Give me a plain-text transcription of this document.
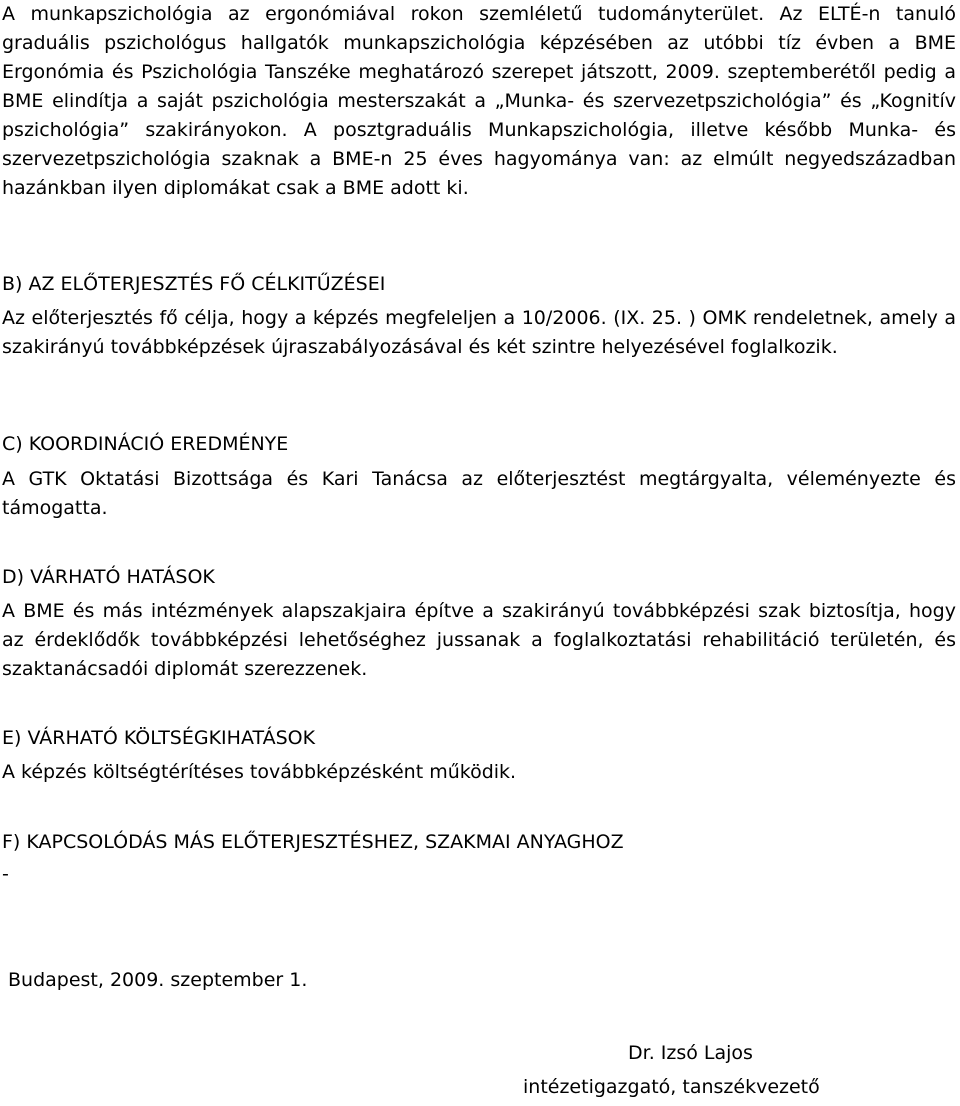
A munkapszichológia az ergonómiával rokon szemléletű tudományterület. Az ELTÉ-n tanuló graduális pszichológus hallgatók munkapszichológia képzésében az utóbbi tíz évben a BME Ergonómia és Pszichológia Tanszéke meghatározó szerepet játszott, 2009. szeptemberétől pedig a BME elindítja a saját pszichológia mesterszakát a „Munka- és szervezetpszichológia” és „Kognitív pszichológia” szakirányokon. A posztgraduális Munkapszichológia, illetve később Munka- és szervezetpszichológia szaknak a BME-n 25 éves hagyománya van: az elmúlt negyedszázadban hazánkban ilyen diplomákat csak a BME adott ki.

B) AZ ELŐTERJESZTÉS FŐ CÉLKITŰZÉSEI

Az előterjesztés fő célja, hogy a képzés megfeleljen a 10/2006. (IX. 25. ) OMK rendeletnek, amely a szakirányú továbbképzések újraszabályozásával és két szintre helyezésével foglalkozik.

C) KOORDINÁCIÓ EREDMÉNYE

A GTK Oktatási Bizottsága és Kari Tanácsa az előterjesztést megtárgyalta, véleményezte és támogatta.

D) VÁRHATÓ HATÁSOK

A BME és más intézmények alapszakjaira építve a szakirányú továbbképzési szak biztosítja, hogy az érdeklődők továbbképzési lehetőséghez jussanak a foglalkoztatási rehabilitáció területén, és szaktanácsadói diplomát szerezzenek.

E) VÁRHATÓ KÖLTSÉGKIHATÁSOK

A képzés költségtérítéses továbbképzésként működik.

F) KAPCSOLÓDÁS MÁS ELŐTERJESZTÉSHEZ, SZAKMAI ANYAGHOZ
-
Budapest, 2009. szeptember 1.
Dr. Izsó Lajos
intézetigazgató, tanszékvezető
